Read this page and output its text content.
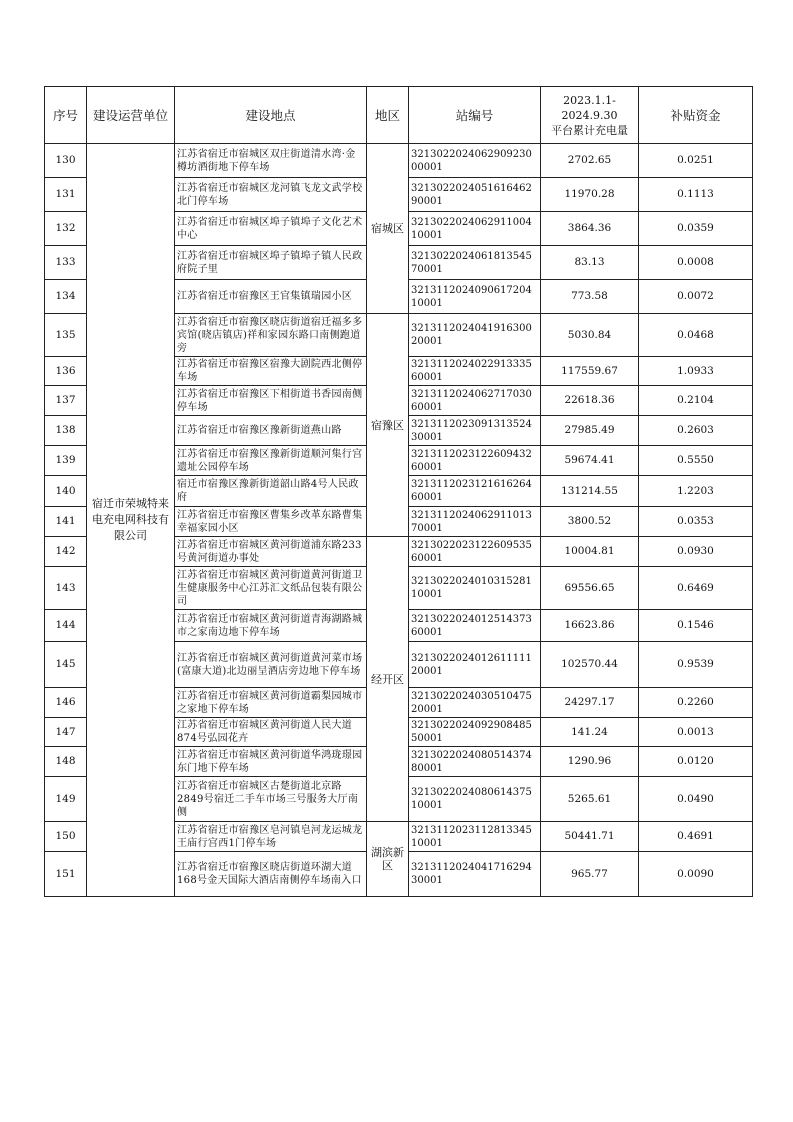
序号	建设运营单位	建设地点	地区	站编号	2023.1.1-
2024.9.30
平台累计充电量	补贴资金
130	宿迁市荣城特来电充电网科技有限公司	江苏省宿迁市宿城区双庄街道清水湾·金樽坊酒街地下停车场	宿城区	321302202406290923000001	2702.65	0.0251
131		江苏省宿迁市宿城区龙河镇飞龙文武学校北门停车场		321302202405161646290001	11970.28	0.1113
132		江苏省宿迁市宿城区埠子镇埠子文化艺术中心		321302202406291100410001	3864.36	0.0359
133		江苏省宿迁市宿城区埠子镇埠子镇人民政府院子里		321302202406181354570001	83.13	0.0008
134		江苏省宿迁市宿豫区王官集镇瑞园小区		321311202409061720410001	773.58	0.0072
135		江苏省宿迁市宿豫区晓店街道宿迁福多多宾馆(晓店镇店)祥和家园东路口南侧跑道旁	宿豫区	321311202404191630020001	5030.84	0.0468
136		江苏省宿迁市宿豫区宿豫大剧院西北侧停车场		321311202402291333560001	117559.67	1.0933
137		江苏省宿迁市宿豫区下相街道书香园南侧停车场		321311202406271703060001	22618.36	0.2104
138		江苏省宿迁市宿豫区豫新街道燕山路		321311202309131352430001	27985.49	0.2603
139		江苏省宿迁市宿豫区豫新街道顺河集行宫遗址公园停车场		321311202312260943260001	59674.41	0.5550
140		宿迁市宿豫区豫新街道韶山路4号人民政府		321311202312161626460001	131214.55	1.2203
141		江苏省宿迁市宿豫区曹集乡改革东路曹集幸福家园小区		321311202406291101370001	3800.52	0.0353
142		江苏省宿迁市宿城区黄河街道浦东路233号黄河街道办事处	经开区	321302202312260953560001	10004.81	0.0930
143		江苏省宿迁市宿城区黄河街道黄河街道卫生健康服务中心江苏汇文纸品包装有限公司		321302202401031528110001	69556.65	0.6469
144		江苏省宿迁市宿城区黄河街道青海湖路城市之家南边地下停车场		321302202401251437360001	16623.86	0.1546
145		江苏省宿迁市宿城区黄河街道黄河菜市场(富康大道)北边丽呈酒店旁边地下停车场		321302202401261111120001	102570.44	0.9539
146		江苏省宿迁市宿城区黄河街道霸梨园城市之家地下停车场		321302202403051047520001	24297.17	0.2260
147		江苏省宿迁市宿城区黄河街道人民大道874号弘园花卉		321302202409290848550001	141.24	0.0013
148		江苏省宿迁市宿城区黄河街道华鸿珑璟园东门地下停车场		321302202408051437480001	1290.96	0.0120
149		江苏省宿迁市宿城区古楚街道北京路2849号宿迁二手车市场三号服务大厅南侧		321302202408061437510001	5265.61	0.0490
150		江苏省宿迁市宿豫区皂河镇皂河龙运城龙王庙行宫西1门停车场	湖滨新区	321311202311281334510001	50441.71	0.4691
151		江苏省宿迁市宿豫区晓店街道环湖大道168号金天国际大酒店南侧停车场南入口		321311202404171629430001	965.77	0.0090
